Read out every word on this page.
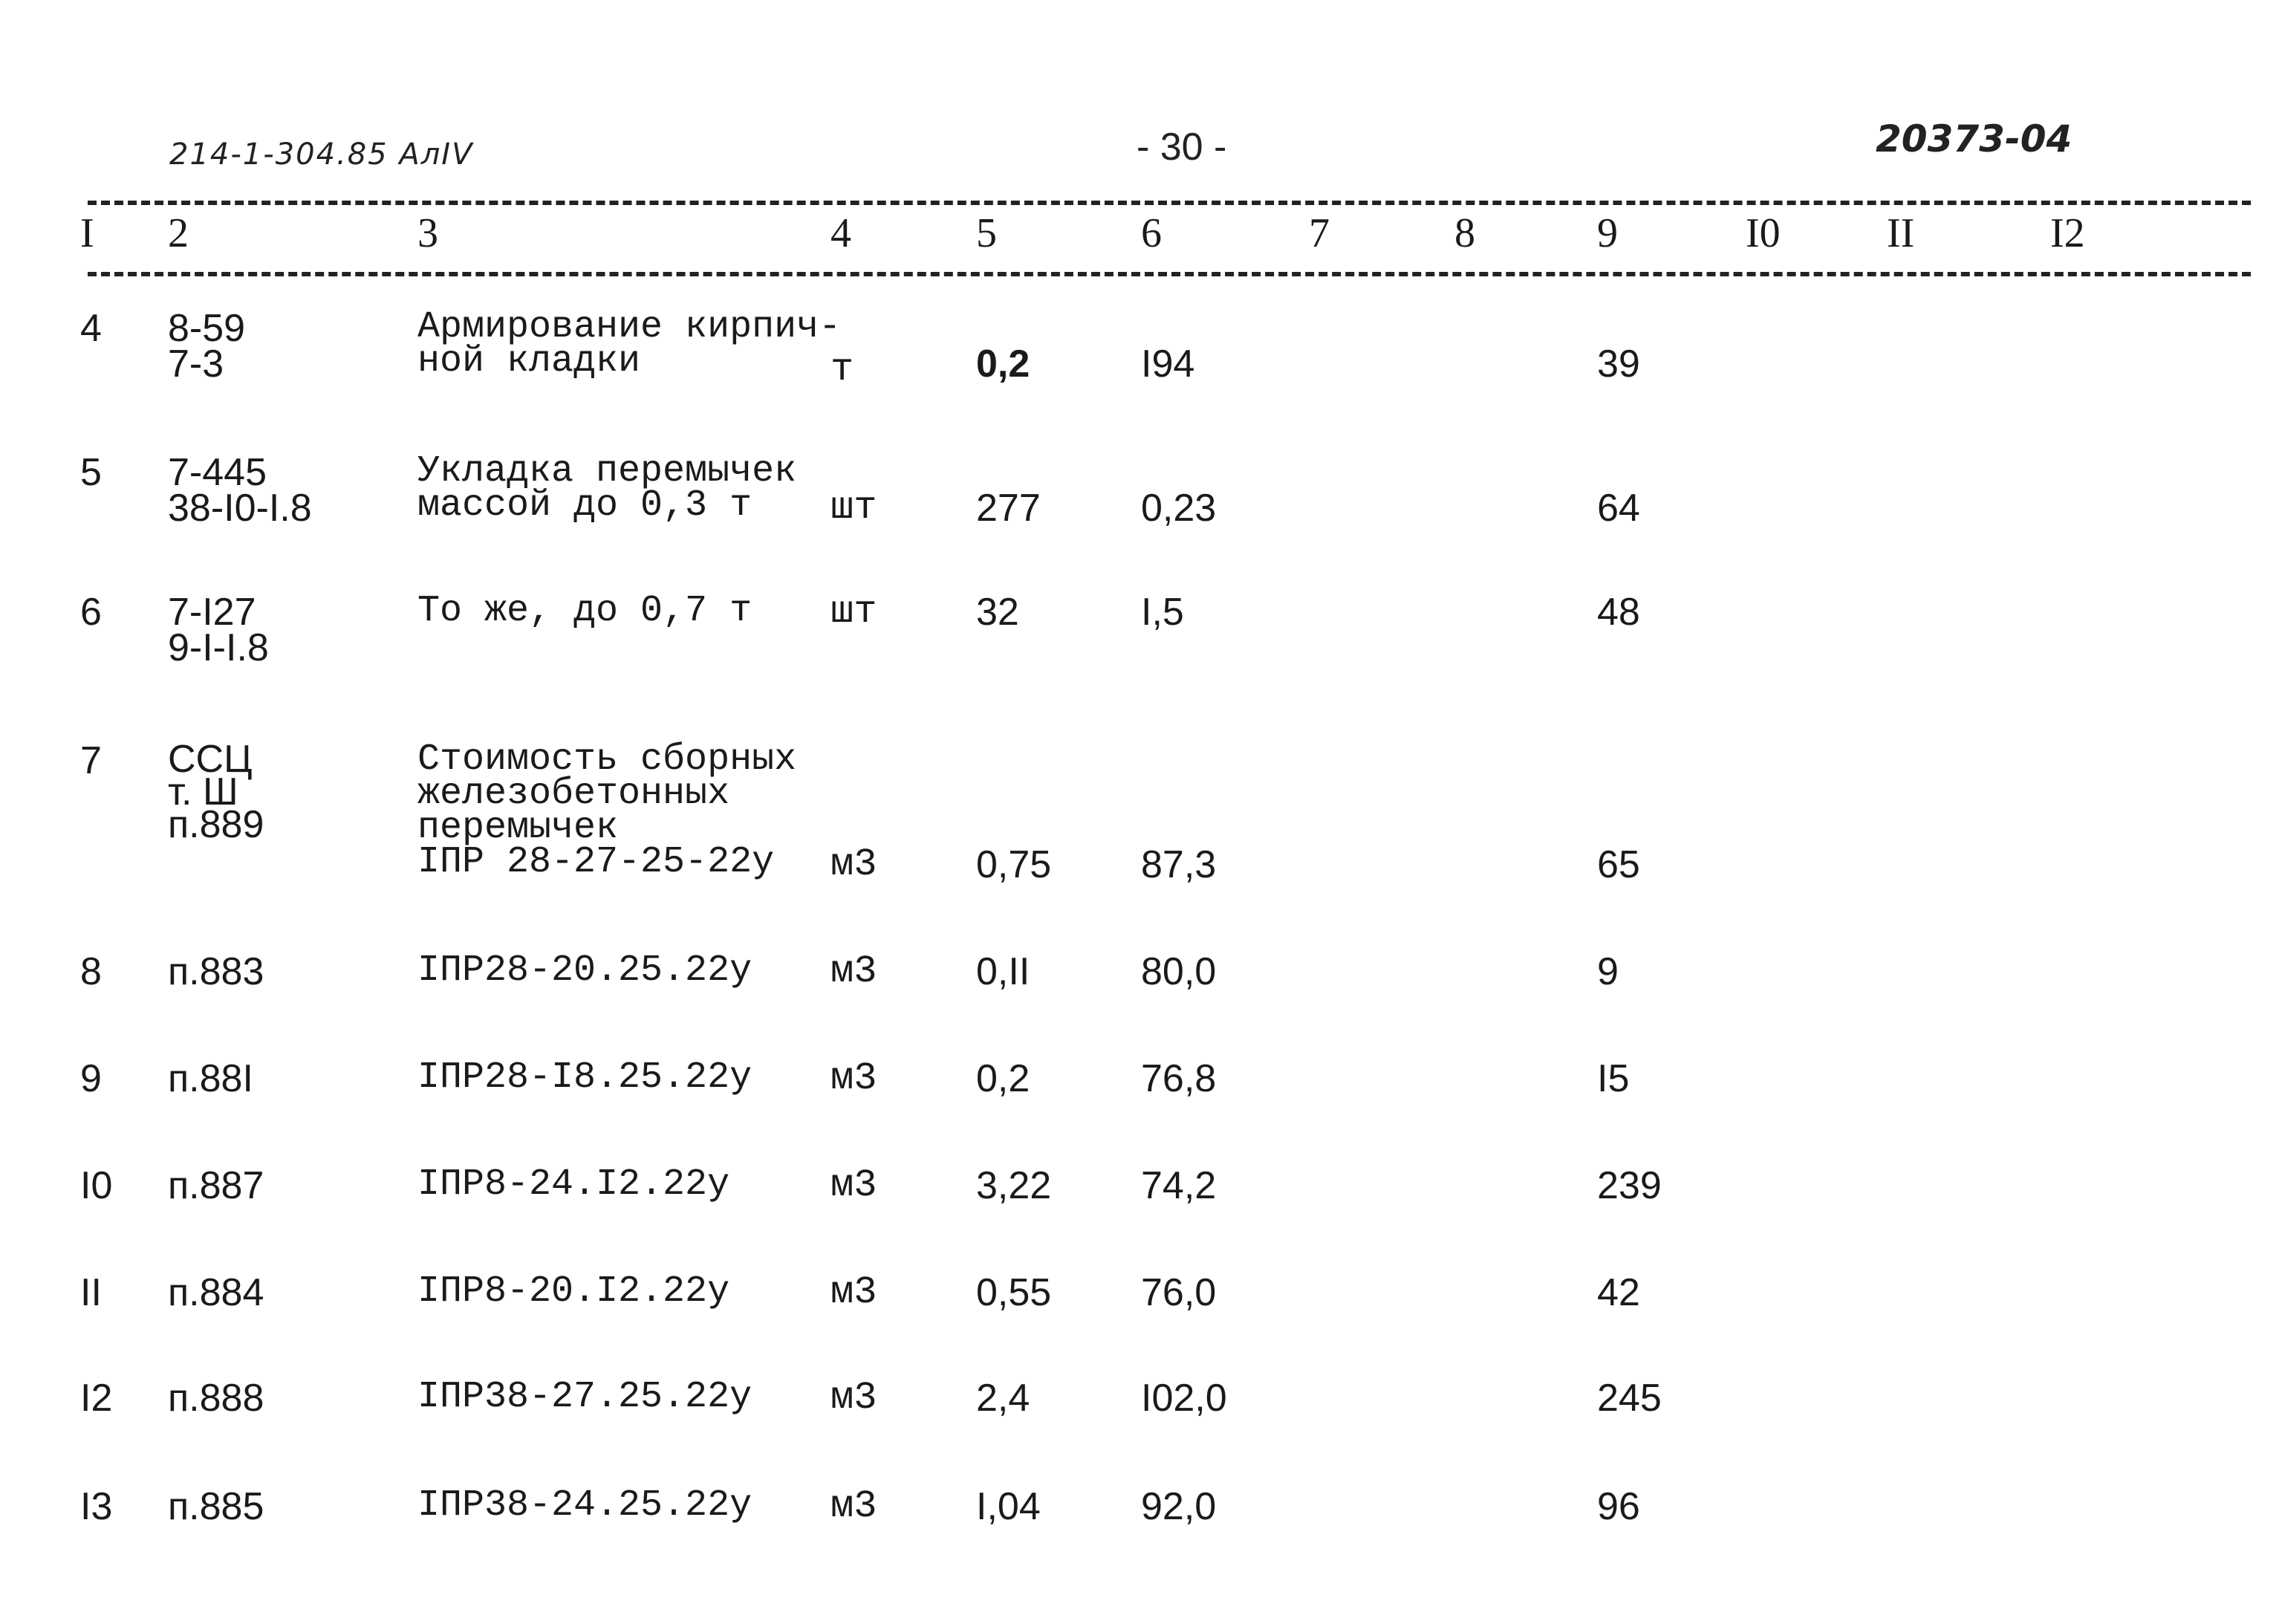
214-1-304.85 АлIV	- 30 -	20373-04
I 2	3	4	5	6	7	8	9	I0	II	I2
4 8-59
7-3
Армирование кирпич-
ной кладки	т	0,2	I94	39
5 7-445
38-I0-I.8
Укладка перемычек
массой до 0,3 т	шт	277	0,23	64
6 7-I27
9-I-I.8
То же, до 0,7 т шт	32	I,5	48
7 ССЦ
т. Ш
п.889
Стоимость сборных
железобетонных
перемычек
IПР 28-27-25-22у	м3	0,75 87,3	65
8 п.883	IПР28-20.25.22у м3	0,II	80,0	9
9 п.88I	IПР28-I8.25.22у м3	0,2	76,8	I5
I0 п.887	IПР8-24.I2.22у	м3	3,22 74,2	239
II п.884	IПР8-20.I2.22у	м3	0,55 76,0	42
I2 п.888	IПР38-27.25.22у м3	2,4	I02,0	245
I3 п.885	IПР38-24.25.22у м3	I,04	92,0	96
